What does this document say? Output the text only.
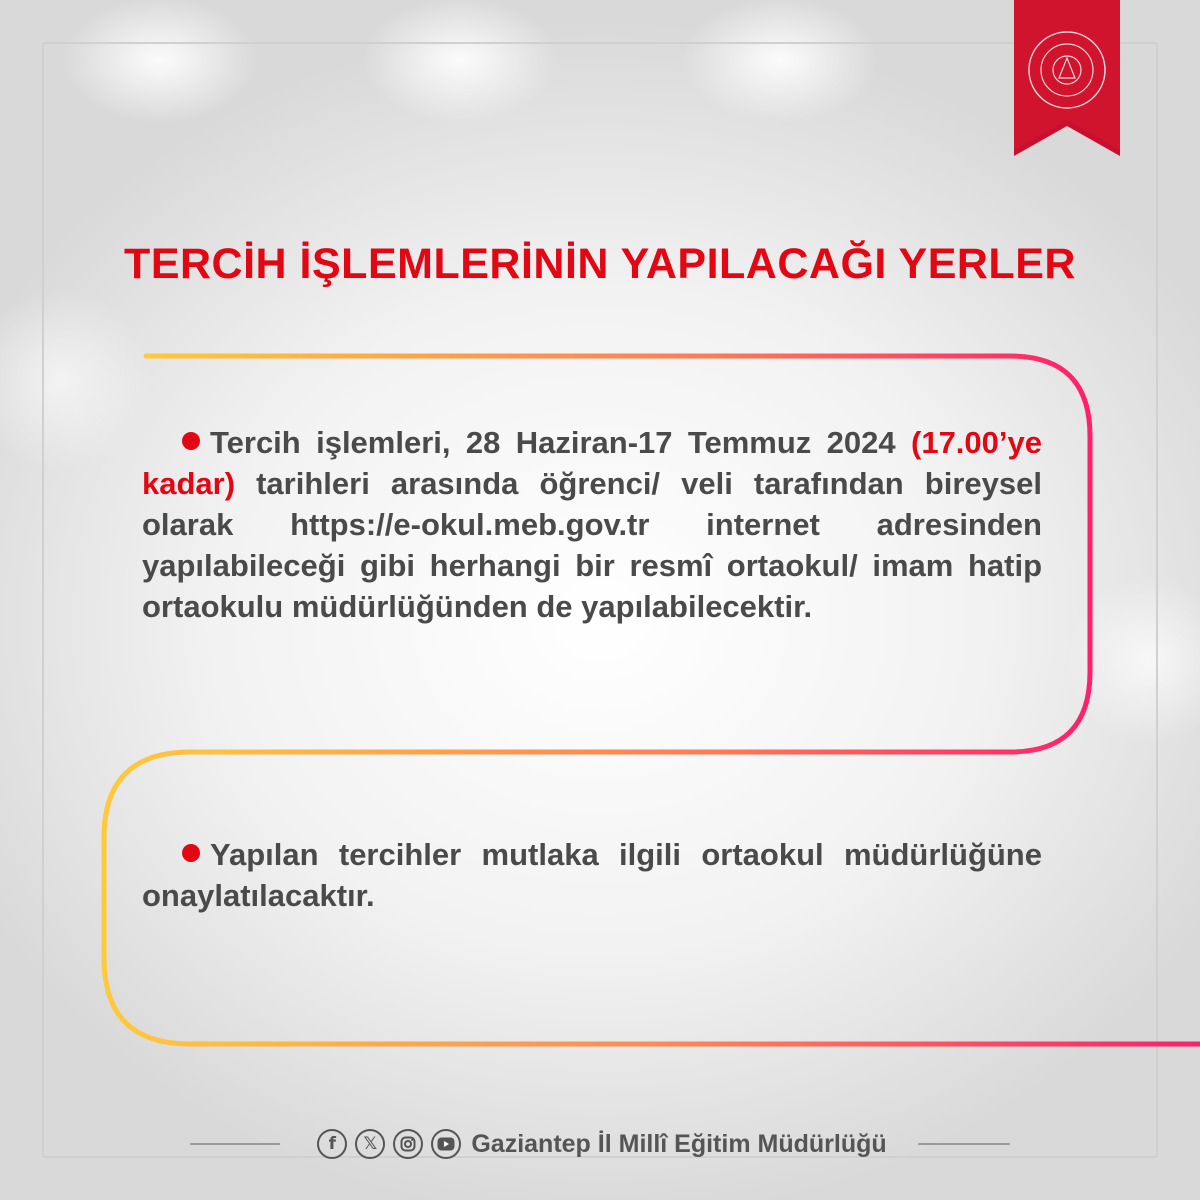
TERCİH İŞLEMLERİNİN YAPILACAĞI YERLER
Tercih işlemleri, 28 Haziran-17 Temmuz 2024 (17.00’ye kadar) tarihleri arasında öğrenci/ veli tarafından bireysel olarak https://e-okul.meb.gov.tr internet adresinden yapılabileceği gibi herhangi bir resmî ortaokul/ imam hatip ortaokulu müdürlüğünden de yapılabilecektir.
Yapılan tercihler mutlaka ilgili ortaokul müdürlüğüne onaylatılacaktır.
f	𝕏	Gaziantep İl Millî Eğitim Müdürlüğü
